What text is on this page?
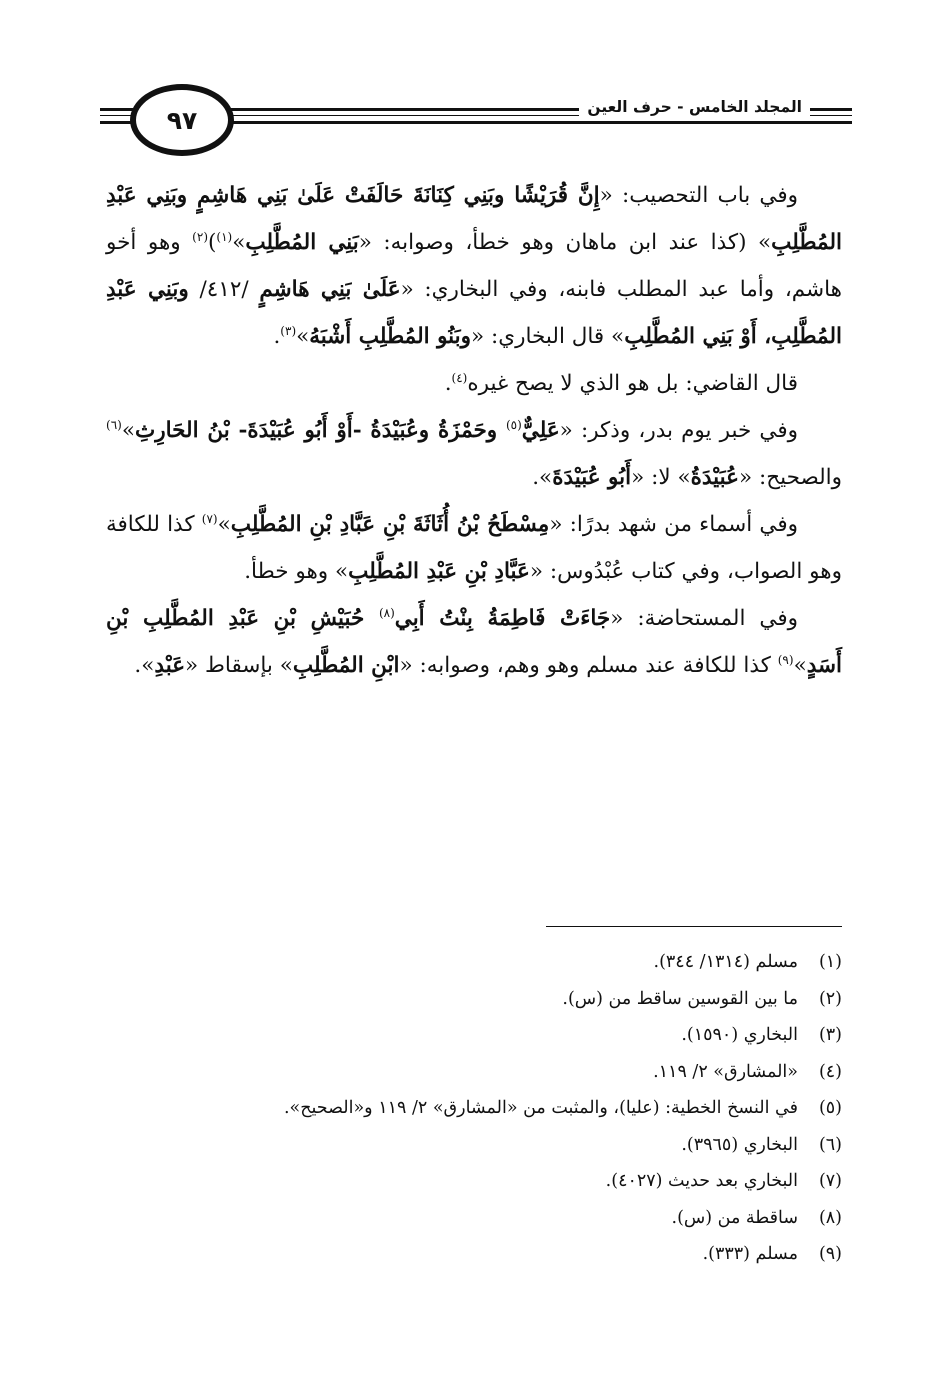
المجلد الخامس - حرف العين
٩٧

وفي باب التحصيب: «إِنَّ قُرَيْشًا وبَنِي كِنَانَةَ حَالَفَتْ عَلَىٰ بَنِي هَاشِمٍ وبَنِي عَبْدِ المُطَّلِبِ» (كذا عند ابن ماهان وهو خطأ، وصوابه: «بَنِي المُطَّلِبِ»$^{(١)}$)$^{(٢)}$ وهو أخو هاشم، وأما عبد المطلب فابنه، وفي البخاري: «عَلَىٰ بَنِي هَاشِمٍ /٤١٢/ وبَنِي عَبْدِ المُطَّلِبِ، أَوْ بَنِي المُطَّلِبِ» قال البخاري: «وبَنُو المُطَّلِبِ أَشْبَهُ»$^{(٣)}$.

قال القاضي: بل هو الذي لا يصح غيره$^{(٤)}$.

وفي خبر يوم بدر، وذكر: «عَلِيٌّ$^{(٥)}$ وحَمْزَةُ وعُبَيْدَةُ -أَوْ أَبُو عُبَيْدَةَ- بْنُ الحَارِثِ»$^{(٦)}$ والصحيح: «عُبَيْدَةُ» لا: «أَبُو عُبَيْدَةَ».

وفي أسماء من شهد بدرًا: «مِسْطَحُ بْنُ أُثَاثَةَ بْنِ عَبَّادِ بْنِ المُطَّلِبِ»$^{(٧)}$ كذا للكافة وهو الصواب، وفي كتاب عُبْدُوس: «عَبَّادِ بْنِ عَبْدِ المُطَّلِبِ» وهو خطأ.

وفي المستحاضة: «جَاءَتْ فَاطِمَةُ بِنْتُ أَبِي$^{(٨)}$ حُبَيْشِ بْنِ عَبْدِ المُطَّلِبِ بْنِ أَسَدٍ»$^{(٩)}$ كذا للكافة عند مسلم وهو وهم، وصوابه: «ابْنِ المُطَّلِبِ» بإسقاط «عَبْدِ».

(١)مسلم (١٣١٤/ ٣٤٤).
(٢)ما بين القوسين ساقط من (س).
(٣)البخاري (١٥٩٠).
(٤)«المشارق» ٢/ ١١٩.
(٥)في النسخ الخطية: (عليا)، والمثبت من «المشارق» ٢/ ١١٩ و«الصحيح».
(٦)البخاري (٣٩٦٥).
(٧)البخاري بعد حديث (٤٠٢٧).
(٨)ساقطة من (س).
(٩)مسلم (٣٣٣).
